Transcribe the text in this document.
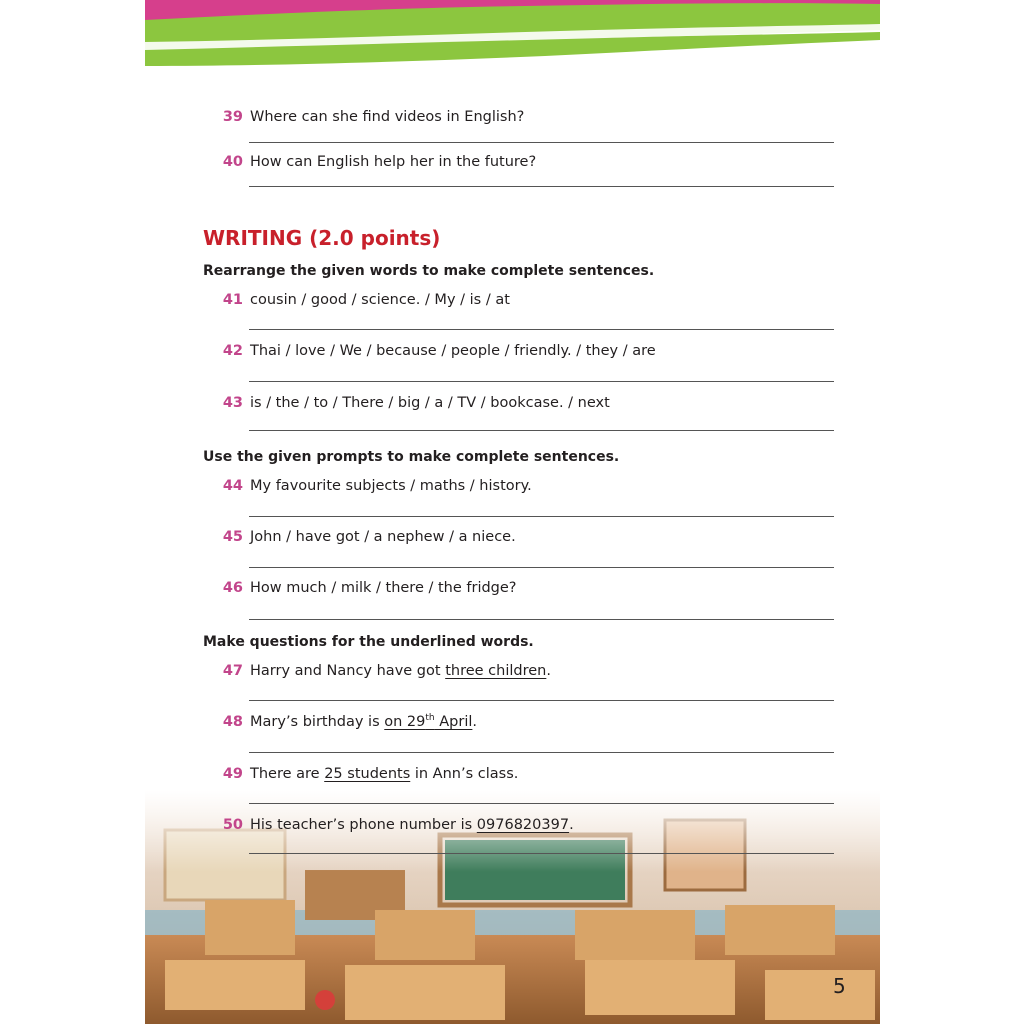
39 Where can she find videos in English?
40 How can English help her in the future?
WRITING (2.0 points)
Rearrange the given words to make complete sentences.
41 cousin / good / science. / My / is / at
42 Thai / love / We / because / people / friendly. / they / are
43 is / the / to / There / big / a / TV / bookcase. / next
Use the given prompts to make complete sentences.
44 My favourite subjects / maths / history.
45 John / have got / a nephew / a niece.
46 How much / milk / there / the fridge?
Make questions for the underlined words.
47 Harry and Nancy have got three children.
48 Mary’s birthday is on 29th April.
49 There are 25 students in Ann’s class.
50 His teacher’s phone number is 0976820397.
5
